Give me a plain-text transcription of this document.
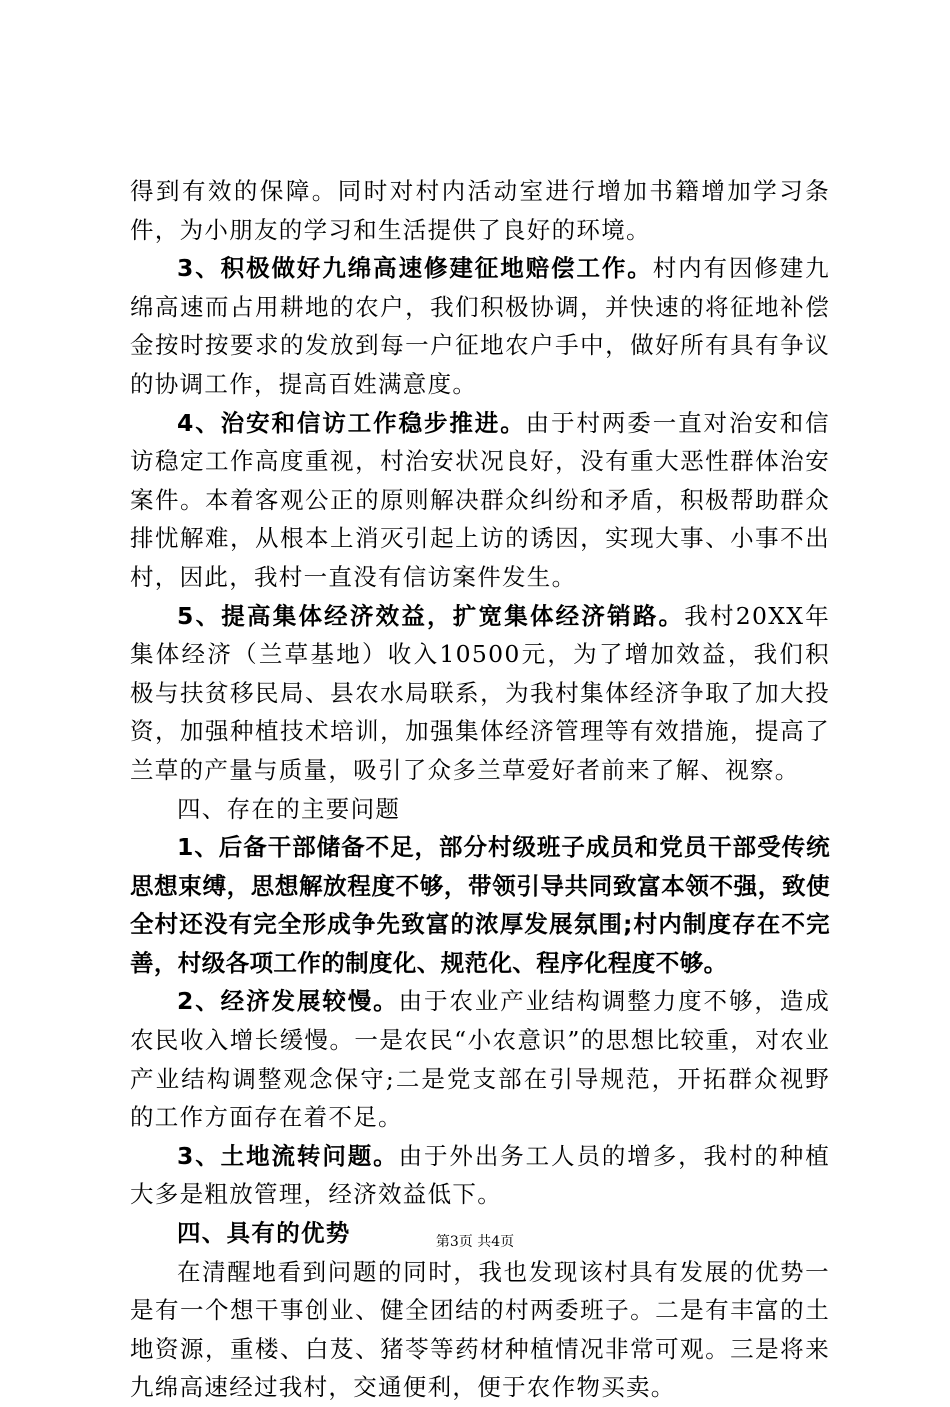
得到有效的保障。同时对村内活动室进行增加书籍增加学习条件，为小朋友的学习和生活提供了良好的环境。

3、积极做好九绵高速修建征地赔偿工作。村内有因修建九绵高速而占用耕地的农户，我们积极协调，并快速的将征地补偿金按时按要求的发放到每一户征地农户手中，做好所有具有争议的协调工作，提高百姓满意度。

4、治安和信访工作稳步推进。由于村两委一直对治安和信访稳定工作高度重视，村治安状况良好，没有重大恶性群体治安案件。本着客观公正的原则解决群众纠纷和矛盾，积极帮助群众排忧解难，从根本上消灭引起上访的诱因，实现大事、小事不出村，因此，我村一直没有信访案件发生。

5、提高集体经济效益，扩宽集体经济销路。我村20XX年集体经济（兰草基地）收入10500元，为了增加效益，我们积极与扶贫移民局、县农水局联系，为我村集体经济争取了加大投资，加强种植技术培训，加强集体经济管理等有效措施，提高了兰草的产量与质量，吸引了众多兰草爱好者前来了解、视察。

四、存在的主要问题

1、后备干部储备不足，部分村级班子成员和党员干部受传统思想束缚，思想解放程度不够，带领引导共同致富本领不强，致使全村还没有完全形成争先致富的浓厚发展氛围;村内制度存在不完善，村级各项工作的制度化、规范化、程序化程度不够。

2、经济发展较慢。由于农业产业结构调整力度不够，造成农民收入增长缓慢。一是农民“小农意识”的思想比较重，对农业产业结构调整观念保守;二是党支部在引导规范，开拓群众视野的工作方面存在着不足。

3、土地流转问题。由于外出务工人员的增多，我村的种植大多是粗放管理，经济效益低下。

四、具有的优势

在清醒地看到问题的同时，我也发现该村具有发展的优势一是有一个想干事创业、健全团结的村两委班子。二是有丰富的土地资源，重楼、白芨、猪苓等药材种植情况非常可观。三是将来九绵高速经过我村，交通便利，便于农作物买卖。

第3页 共4页
